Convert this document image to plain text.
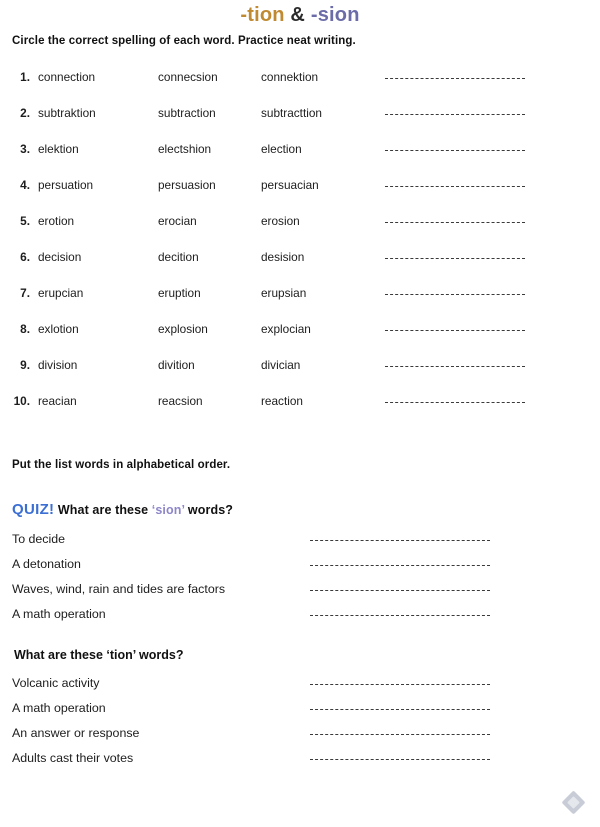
-tion & -sion
Circle the correct spelling of each word. Practice neat writing.
1. connection	connecsion	connektion
2. subtraktion	subtraction	subtracttion
3. elektion	electshion	election
4. persuation	persuasion	persuacian
5. erotion	erocian	erosion
6. decision	decition	desision
7. erupcian	eruption	erupsian
8. exlotion	explosion	explocian
9. division	divition	divician
10. reacian	reacsion	reaction
Put the list words in alphabetical order.
QUIZ! What are these ‘sion’ words?
To decide
A detonation
Waves, wind, rain and tides are factors
A math operation
What are these ‘tion’ words?
Volcanic activity
A math operation
An answer or response
Adults cast their votes
